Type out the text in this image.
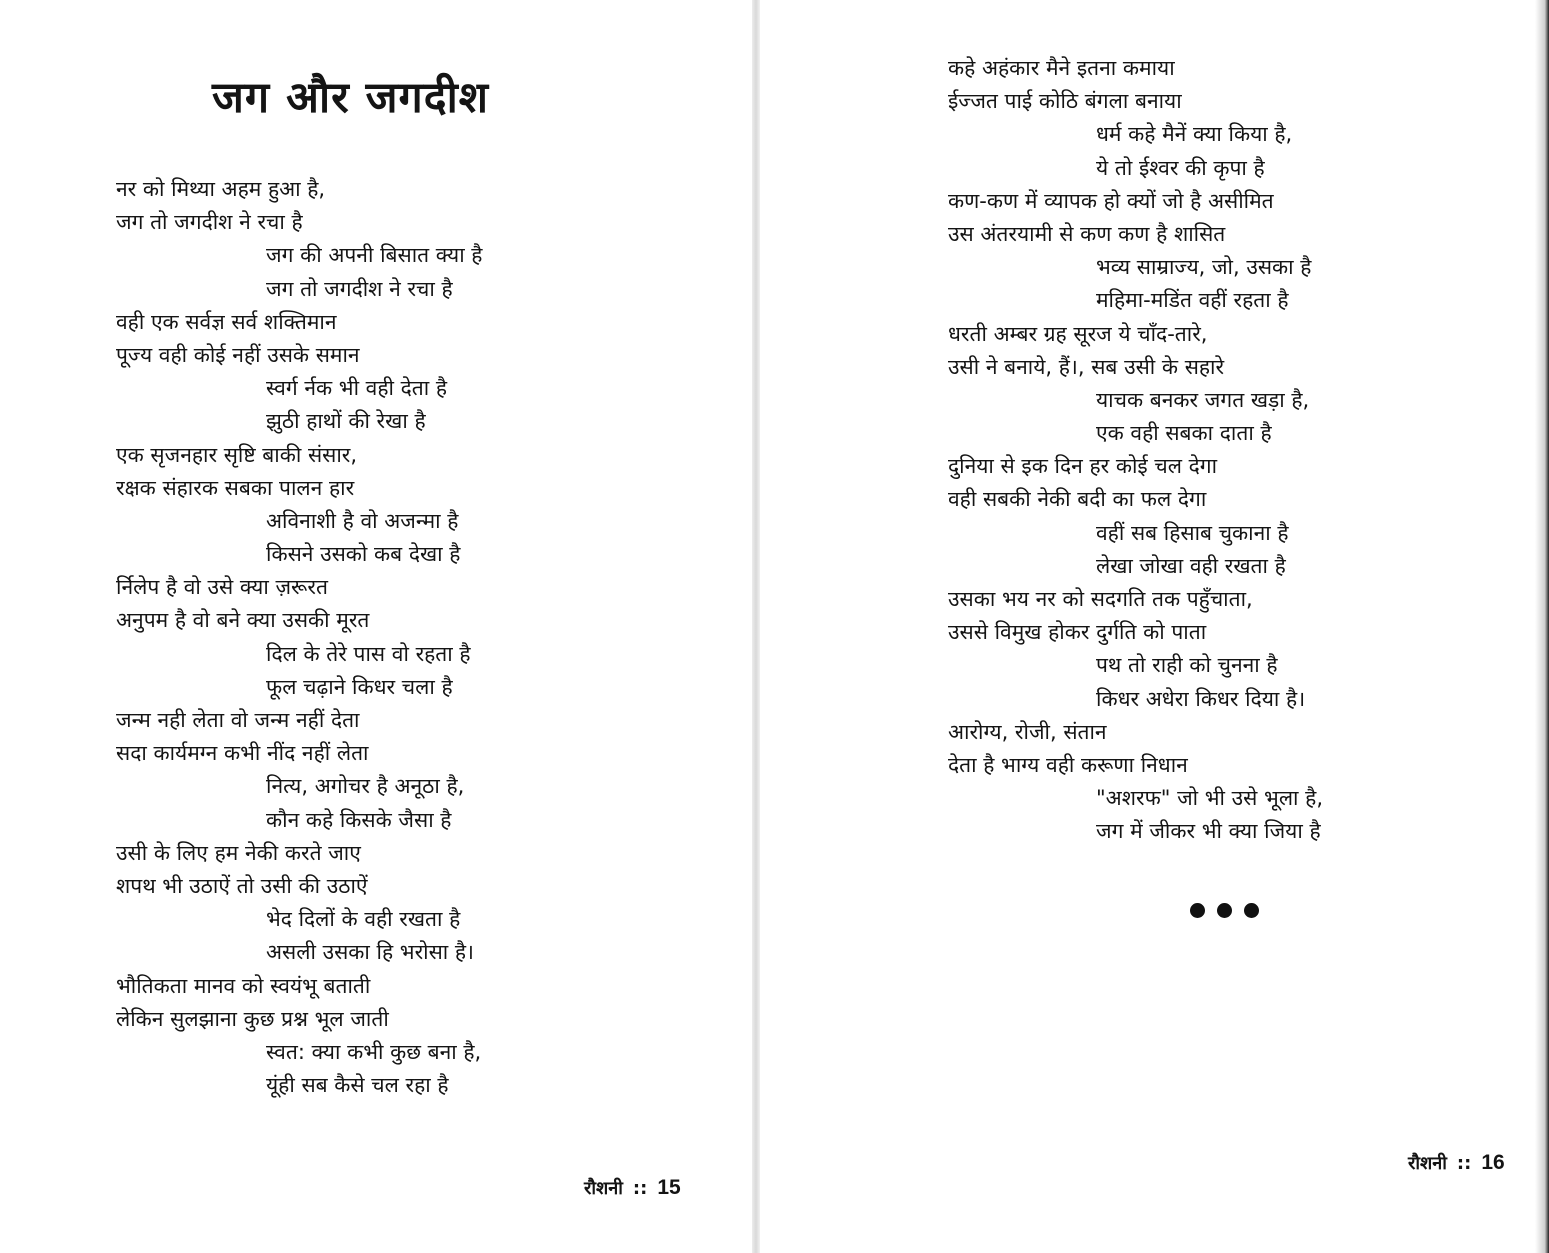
जग और जगदीश
नर को मिथ्या अहम हुआ है,
जग तो जगदीश ने रचा है
जग की अपनी बिसात क्या है
जग तो जगदीश ने रचा है
वही एक सर्वज्ञ सर्व शक्तिमान
पूज्य वही कोई नहीं उसके समान
स्वर्ग र्नक भी वही देता है
झुठी हाथों की रेखा है
एक सृजनहार सृष्टि बाकी संसार,
रक्षक संहारक सबका पालन हार
अविनाशी है वो अजन्मा है
किसने उसको कब देखा है
र्निलेप है वो उसे क्या ज़रूरत
अनुपम है वो बने क्या उसकी मूरत
दिल के तेरे पास वो रहता है
फूल चढ़ाने किधर चला है
जन्म नही लेता वो जन्म नहीं देता
सदा कार्यमग्न कभी नींद नहीं लेता
नित्य, अगोचर है अनूठा है,
कौन कहे किसके जैसा है
उसी के लिए हम नेकी करते जाए
शपथ भी उठाऐं तो उसी की उठाऐं
भेद दिलों के वही रखता है
असली उसका हि भरोसा है।
भौतिकता मानव को स्वयंभू बताती
लेकिन सुलझाना कुछ प्रश्न भूल जाती
स्वत: क्या कभी कुछ बना है,
यूंही सब कैसे चल रहा है
रौशनी :: 15
कहे अहंकार मैने इतना कमाया
ईज्जत पाई कोठि बंगला बनाया
धर्म कहे मैनें क्या किया है,
ये तो ईश्वर की कृपा है
कण-कण में व्यापक हो क्यों जो है असीमित
उस अंतरयामी से कण कण है शासित
भव्य साम्राज्य, जो, उसका है
महिमा-मडिंत वहीं रहता है
धरती अम्बर ग्रह सूरज ये चाँद-तारे,
उसी ने बनाये, हैं।, सब उसी के सहारे
याचक बनकर जगत खड़ा है,
एक वही सबका दाता है
दुनिया से इक दिन हर कोई चल देगा
वही सबकी नेकी बदी का फल देगा
वहीं सब हिसाब चुकाना है
लेखा जोखा वही रखता है
उसका भय नर को सदगति तक पहुँचाता,
उससे विमुख होकर दुर्गति को पाता
पथ तो राही को चुनना है
किधर अधेरा किधर दिया है।
आरोग्य, रोजी, संतान
देता है भाग्य वही करूणा निधान
"अशरफ" जो भी उसे भूला है,
जग में जीकर भी क्या जिया है
रौशनी :: 16
